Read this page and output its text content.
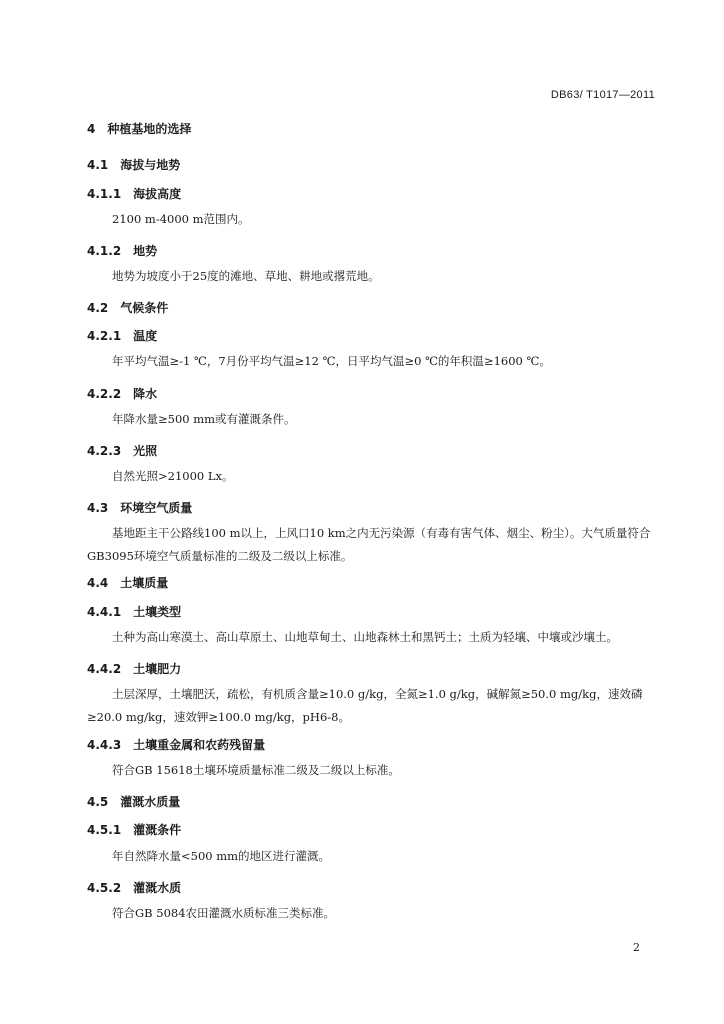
DB63/ T1017—2011
4 种植基地的选择
4.1 海拔与地势
4.1.1 海拔高度
2100 m-4000 m范围内。
4.1.2 地势
地势为坡度小于25度的滩地、草地、耕地或撂荒地。
4.2 气候条件
4.2.1 温度
年平均气温≥-1 ℃，7月份平均气温≥12 ℃，日平均气温≥0 ℃的年积温≥1600 ℃。
4.2.2 降水
年降水量≥500 mm或有灌溉条件。
4.2.3 光照
自然光照>21000 Lx。
4.3 环境空气质量
基地距主干公路线100 m以上，上风口10 km之内无污染源（有毒有害气体、烟尘、粉尘）。大气质量符合GB3095环境空气质量标准的二级及二级以上标准。
4.4 土壤质量
4.4.1 土壤类型
土种为高山寒漠土、高山草原土、山地草甸土、山地森林土和黑钙土；土质为轻壤、中壤或沙壤土。
4.4.2 土壤肥力
土层深厚，土壤肥沃，疏松，有机质含量≥10.0 g/kg，全氮≥1.0 g/kg，碱解氮≥50.0 mg/kg，速效磷≥20.0 mg/kg，速效钾≥100.0 mg/kg，pH6-8。
4.4.3 土壤重金属和农药残留量
符合GB 15618土壤环境质量标准二级及二级以上标准。
4.5 灌溉水质量
4.5.1 灌溉条件
年自然降水量<500 mm的地区进行灌溉。
4.5.2 灌溉水质
符合GB 5084农田灌溉水质标准三类标准。
2
